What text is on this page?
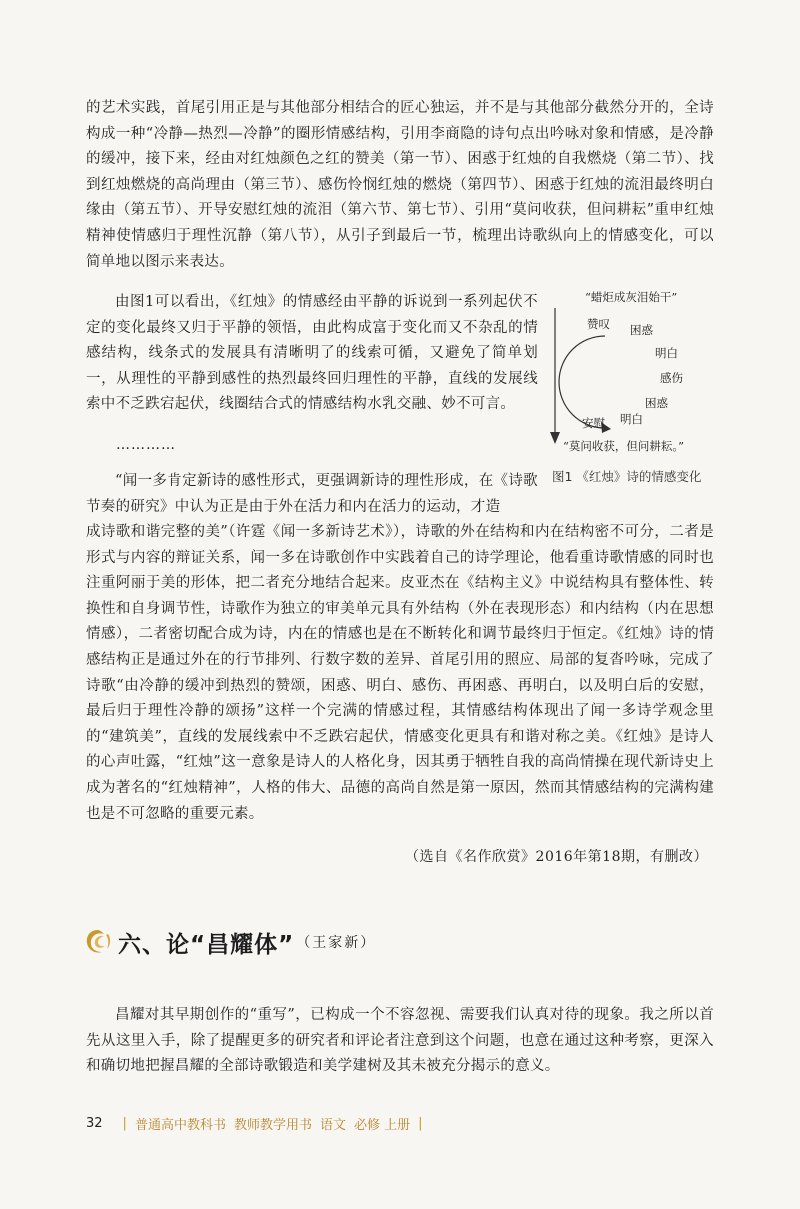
的艺术实践，首尾引用正是与其他部分相结合的匠心独运，并不是与其他部分截然分开的，全诗构成一种“冷静—热烈—冷静”的圈形情感结构，引用李商隐的诗句点出吟咏对象和情感，是冷静的缓冲，接下来，经由对红烛颜色之红的赞美（第一节）、困惑于红烛的自我燃烧（第二节）、找到红烛燃烧的高尚理由（第三节）、感伤怜悯红烛的燃烧（第四节）、困惑于红烛的流泪最终明白缘由（第五节）、开导安慰红烛的流泪（第六节、第七节）、引用“莫问收获，但问耕耘”重申红烛精神使情感归于理性沉静（第八节），从引子到最后一节，梳理出诗歌纵向上的情感变化，可以简单地以图示来表达。

由图1可以看出，《红烛》的情感经由平静的诉说到一系列起伏不定的变化最终又归于平静的领悟，由此构成富于变化而又不杂乱的情感结构，线条式的发展具有清晰明了的线索可循，又避免了简单划一，从理性的平静到感性的热烈最终回归理性的平静，直线的发展线索中不乏跌宕起伏，线圈结合式的情感结构水乳交融、妙不可言。

…………
“蜡炬成灰泪始干”
赞叹 困惑
明白
感伤
困惑
明白
安慰
“莫问收获，但问耕耘。”
图1 《红烛》诗的情感变化

“闻一多肯定新诗的感性形式，更强调新诗的理性形成，在《诗歌节奏的研究》中认为正是由于外在活力和内在活力的运动，才造

成诗歌和谐完整的美”（许霆《闻一多新诗艺术》），诗歌的外在结构和内在结构密不可分，二者是形式与内容的辩证关系，闻一多在诗歌创作中实践着自己的诗学理论，他看重诗歌情感的同时也注重阿丽于美的形体，把二者充分地结合起来。皮亚杰在《结构主义》中说结构具有整体性、转换性和自身调节性，诗歌作为独立的审美单元具有外结构（外在表现形态）和内结构（内在思想情感），二者密切配合成为诗，内在的情感也是在不断转化和调节最终归于恒定。《红烛》诗的情感结构正是通过外在的行节排列、行数字数的差异、首尾引用的照应、局部的复沓吟咏，完成了诗歌“由冷静的缓冲到热烈的赞颂，困惑、明白、感伤、再困惑、再明白，以及明白后的安慰，最后归于理性冷静的颂扬”这样一个完满的情感过程，其情感结构体现出了闻一多诗学观念里的“建筑美”，直线的发展线索中不乏跌宕起伏，情感变化更具有和谐对称之美。《红烛》是诗人的心声吐露，“红烛”这一意象是诗人的人格化身，因其勇于牺牲自我的高尚情操在现代新诗史上成为著名的“红烛精神”，人格的伟大、品德的高尚自然是第一原因，然而其情感结构的完满构建也是不可忽略的重要元素。

（选自《名作欣赏》2016年第18期，有删改）
六、论“昌耀体” （王家新）

昌耀对其早期创作的“重写”，已构成一个不容忽视、需要我们认真对待的现象。我之所以首先从这里入手，除了提醒更多的研究者和评论者注意到这个问题，也意在通过这种考察，更深入和确切地把握昌耀的全部诗歌锻造和美学建树及其未被充分揭示的意义。

32 | 普通高中教科书 教师教学用书 语文 必修 上册 |
